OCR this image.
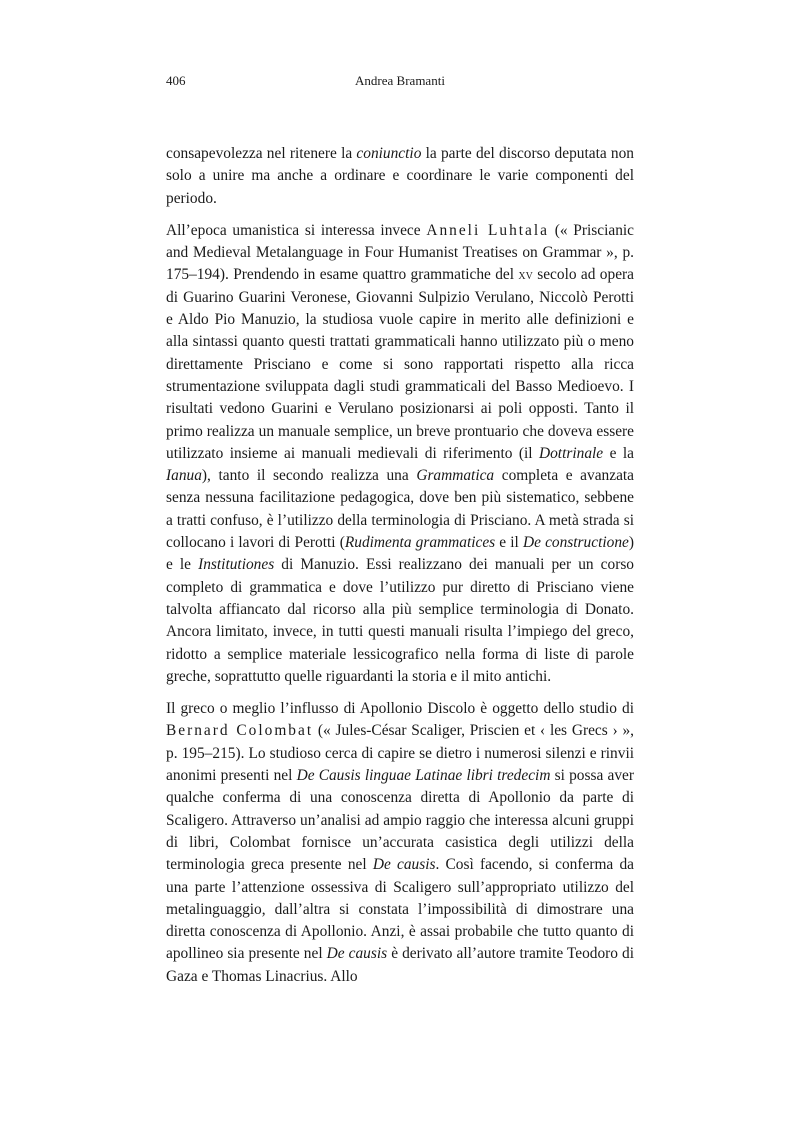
406	Andrea Bramanti

consapevolezza nel ritenere la coniunctio la parte del discorso deputata non solo a unire ma anche a ordinare e coordinare le varie componenti del periodo.

All’epoca umanistica si interessa invece Anneli Luhtala (« Priscianic and Medieval Metalanguage in Four Humanist Treatises on Grammar », p. 175–194). Prendendo in esame quattro grammatiche del xv secolo ad opera di Guarino Guarini Veronese, Giovanni Sulpizio Verulano, Niccolò Perotti e Aldo Pio Manuzio, la studiosa vuole capire in merito alle definizioni e alla sintassi quanto questi trattati grammaticali hanno utilizzato più o meno direttamente Prisciano e come si sono rapportati rispetto alla ricca strumentazione sviluppata dagli studi grammaticali del Basso Medioevo. I risultati vedono Guarini e Verulano posizionarsi ai poli opposti. Tanto il primo realizza un manuale semplice, un breve prontuario che doveva essere utilizzato insieme ai manuali medievali di riferimento (il Dottrinale e la Ianua), tanto il secondo realizza una Grammatica completa e avanzata senza nessuna facilitazione pedagogica, dove ben più sistematico, sebbene a tratti confuso, è l’utilizzo della terminologia di Prisciano. A metà strada si collocano i lavori di Perotti (Rudimenta grammatices e il De constructione) e le Institutiones di Manuzio. Essi realizzano dei manuali per un corso completo di grammatica e dove l’utilizzo pur diretto di Prisciano viene talvolta affiancato dal ricorso alla più semplice terminologia di Donato. Ancora limitato, invece, in tutti questi manuali risulta l’impiego del greco, ridotto a semplice materiale lessicografico nella forma di liste di parole greche, soprattutto quelle riguardanti la storia e il mito antichi.

Il greco o meglio l’influsso di Apollonio Discolo è oggetto dello studio di Bernard Colombat (« Jules-César Scaliger, Priscien et ‹ les Grecs › », p. 195–215). Lo studioso cerca di capire se dietro i numerosi silenzi e rinvii anonimi presenti nel De Causis linguae Latinae libri tredecim si possa aver qualche conferma di una conoscenza diretta di Apollonio da parte di Scaligero. Attraverso un’analisi ad ampio raggio che interessa alcuni gruppi di libri, Colombat fornisce un’accurata casistica degli utilizzi della terminologia greca presente nel De causis. Così facendo, si conferma da una parte l’attenzione ossessiva di Scaligero sull’appropriato utilizzo del metalinguaggio, dall’altra si constata l’impossibilità di dimostrare una diretta conoscenza di Apollonio. Anzi, è assai probabile che tutto quanto di apollineo sia presente nel De causis è derivato all’autore tramite Teodoro di Gaza e Thomas Linacrius. Allo
